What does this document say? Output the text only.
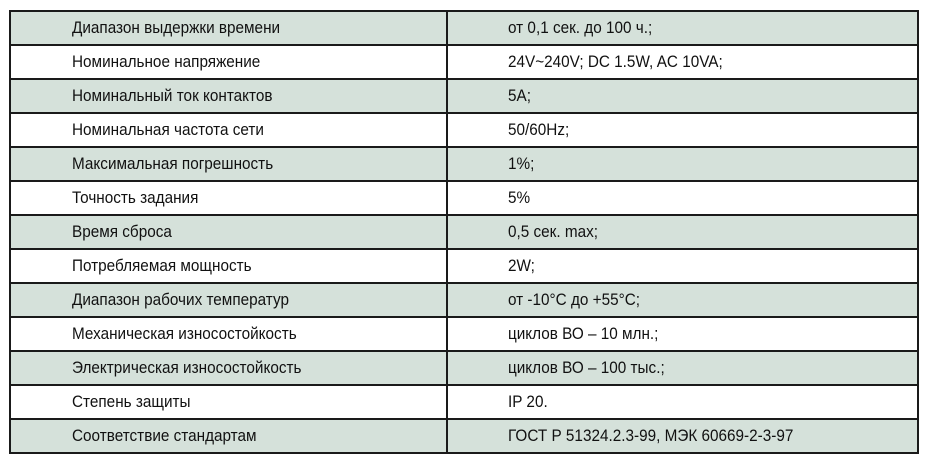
Диапазон выдержки времени	от 0,1 сек. до 100 ч.;
Номинальное напряжение	24V~240V; DC 1.5W, AC 10VA;
Номинальный ток контактов	5A;
Номинальная частота сети	50/60Hz;
Максимальная погрешность	1%;
Точность задания	5%
Время сброса	0,5 сек. max;
Потребляемая мощность	2W;
Диапазон рабочих температур	от -10°C до +55°C;
Механическая износостойкость	циклов ВО – 10 млн.;
Электрическая износостойкость	циклов ВО – 100 тыс.;
Степень защиты	IP 20.
Соответствие стандартам	ГОСТ Р 51324.2.3-99, МЭК 60669-2-3-97
